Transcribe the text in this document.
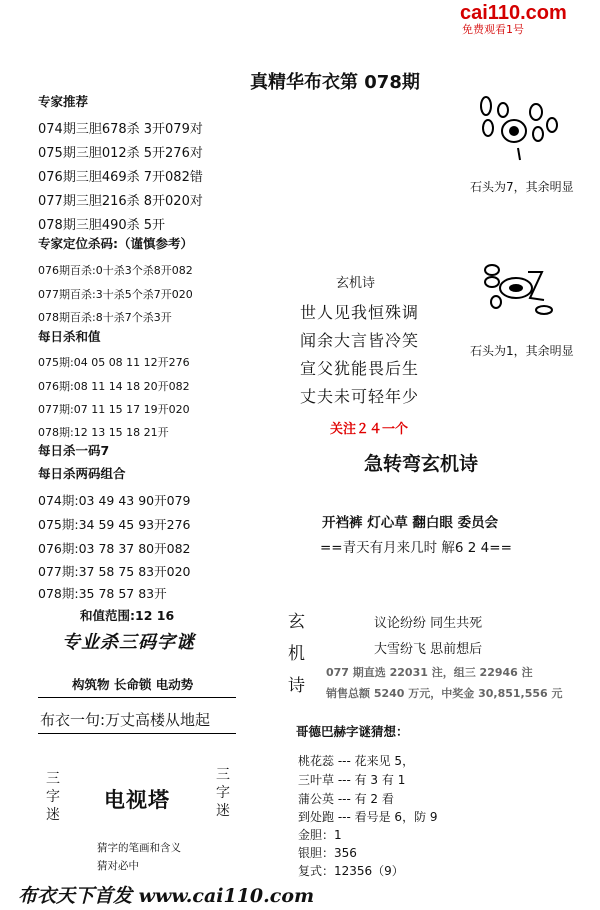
cai110.com
免费观看1号
真精华布衣第 078期
专家推荐
074期三胆678杀 3开079对
075期三胆012杀 5开276对
076期三胆469杀 7开082错
077期三胆216杀 8开020对
078期三胆490杀 5开
专家定位杀码:（谨慎参考）
076期百杀:0十杀3个杀8开082
077期百杀:3十杀5个杀7开020
078期百杀:8十杀7个杀3开
每日杀和值
075期:04 05 08 11 12开276
076期:08 11 14 18 20开082
077期:07 11 15 17 19开020
078期:12 13 15 18 21开
每日杀一码7
每日杀两码组合
074期:03 49 43 90开079
075期:34 59 45 93开276
076期:03 78 37 80开082
077期:37 58 75 83开020
078期:35 78 57 83开
和值范围:12 16
专业杀三码字谜
构筑物 长命锁 电动势
布衣一句:万丈高楼从地起
三字迷
电视塔
三字迷
猜字的笔画和含义
猜对必中
石头为7，其余明显
石头为1，其余明显
玄机诗
世人见我恒殊调
闻余大言皆冷笑
宣父犹能畏后生
丈夫未可轻年少
关注２４一个
急转弯玄机诗
开裆裤 灯心草 翻白眼 委员会
==青天有月来几时 解6 2 4==
玄
机
诗
议论纷纷 同生共死
大雪纷飞 思前想后
077 期直选 22031 注，组三 22946 注
销售总额 5240 万元，中奖金 30,851,556 元
哥德巴赫字谜猜想：
桃花蕊 --- 花来见 5，
三叶草 --- 有 3 有 1
蒲公英 --- 有 2 看
到处跑 --- 看号是 6，防 9
金胆：1
银胆：356
复式：12356（9）
布衣天下首发 www.cai110.com
